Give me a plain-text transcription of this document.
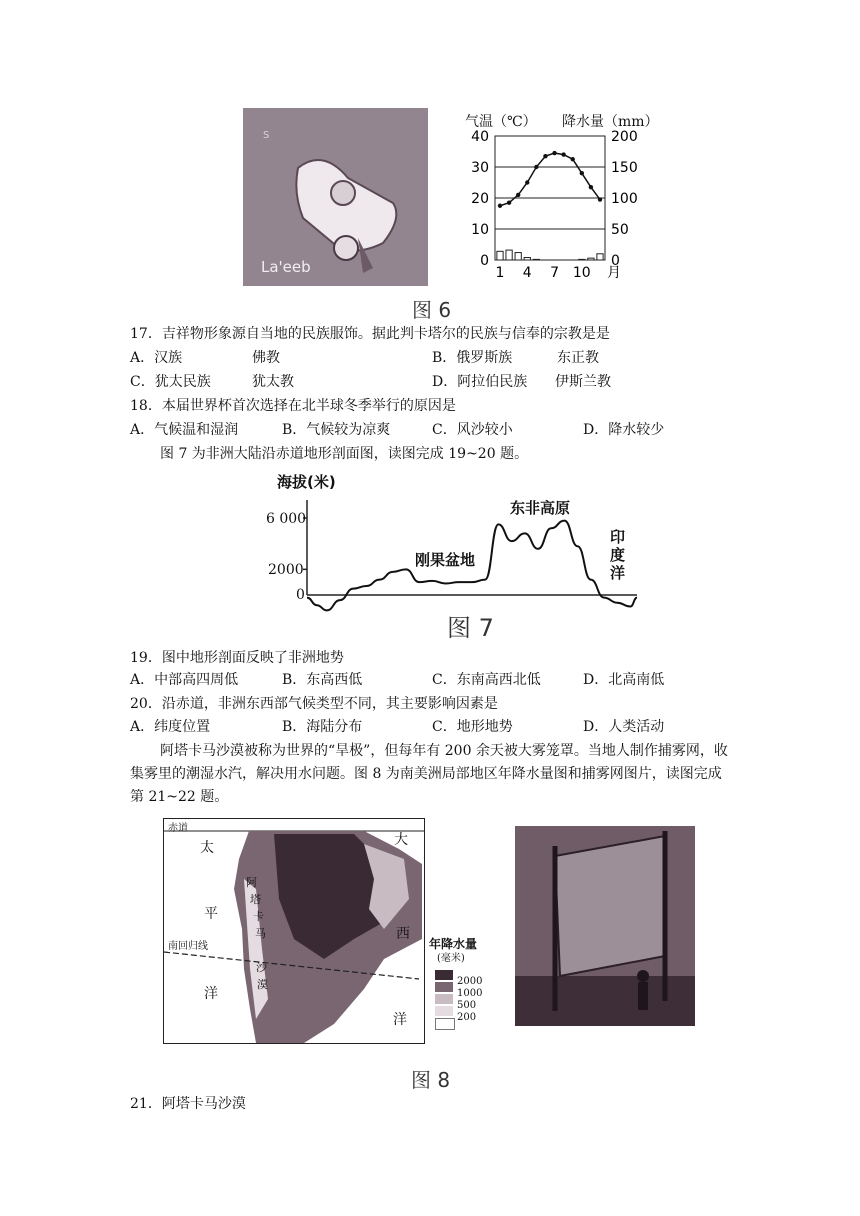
S
La'eeb
40
30
20
10
0
200
150
100
50
0
1 4 7 10 月
气温（℃） 降水量（mm）
图 6
17．吉祥物形象源自当地的民族服饰。据此判卡塔尔的民族与信奉的宗教是是
A．汉族	佛教	B．俄罗斯族	东正教
C．犹太民族	犹太教	D．阿拉伯民族 伊斯兰教
18．本届世界杯首次选择在北半球冬季举行的原因是
A．气候温和湿润	B．气候较为凉爽	C．风沙较小	D．降水较少
图 7 为非洲大陆沿赤道地形剖面图，读图完成 19~20 题。
海拔(米)
6 000
2000
0
刚果盆地
东非高原
印度洋
图 7
19．图中地形剖面反映了非洲地势
A．中部高四周低	B．东高西低	C．东南高西北低	D．北高南低
20．沿赤道，非洲东西部气候类型不同，其主要影响因素是
A．纬度位置	B．海陆分布	C．地形地势	D．人类活动
阿塔卡马沙漠被称为世界的“旱极”，但每年有 200 余天被大雾笼罩。当地人制作捕雾网，收集雾里的潮湿水汽，解决用水问题。图 8 为南美洲局部地区年降水量图和捕雾网图片，读图完成第 21~22 题。
赤道
南回归线
太
平
洋
大
西
洋
阿
塔
卡
马
沙
漠
年降水量
(毫米)
2000
1000
500
200
图 8
21．阿塔卡马沙漠
